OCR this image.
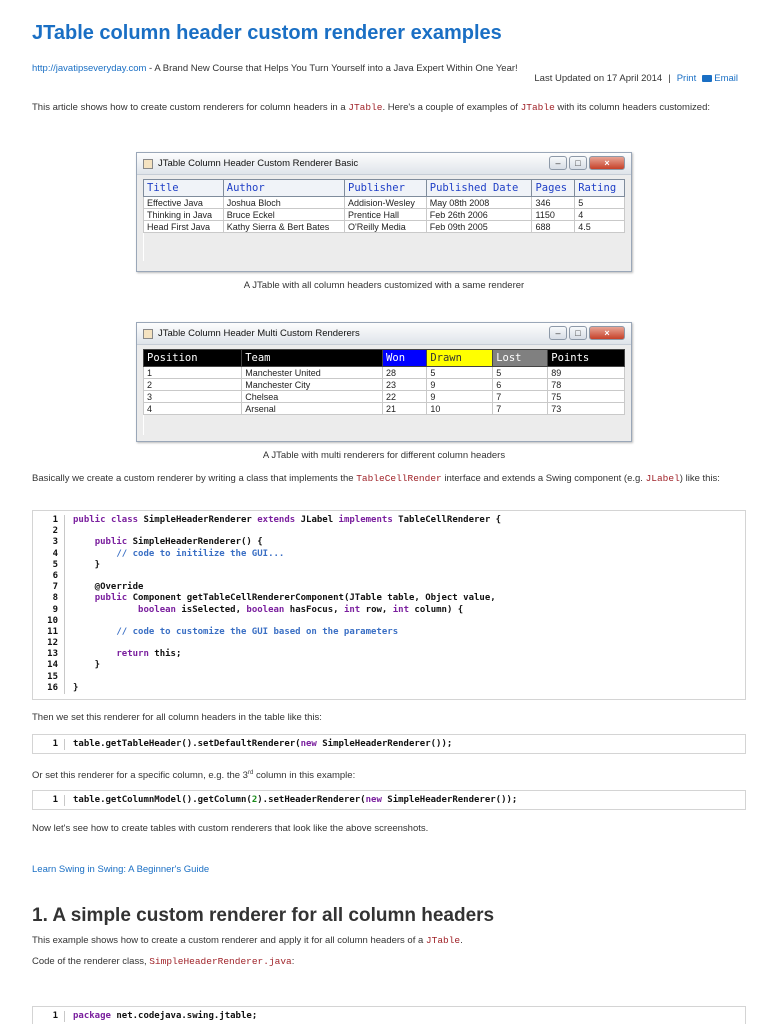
JTable column header custom renderer examples
http://javatipseveryday.com - A Brand New Course that Helps You Turn Yourself into a Java Expert Within One Year!
Last Updated on 17 April 2014 | Print	Email

This article shows how to create custom renderers for column headers in a JTable. Here's a couple of examples of JTable with its column headers customized:

JTable Column Header Custom Renderer Basic	–	□	×
Title	Author	Publisher	Published Date	Pages	Rating
Effective Java	Joshua Bloch	Addision-Wesley	May 08th 2008	346	5
Thinking in Java	Bruce Eckel	Prentice Hall	Feb 26th 2006	1150	4
Head First Java	Kathy Sierra & Bert Bates	O'Reilly Media	Feb 09th 2005	688	4.5

A JTable with all column headers customized with a same renderer
JTable Column Header Multi Custom Renderers	–	□	×
Position	Team	Won	Drawn	Lost	Points
1	Manchester United	28	5	5	89
2	Manchester City	23	9	6	78
3	Chelsea	22	9	7	75
4	Arsenal	21	10	7	73

A JTable with multi renderers for different column headers

Basically we create a custom renderer by writing a class that implements the TableCellRender interface and extends a Swing component (e.g. JLabel) like this:

1	public class SimpleHeaderRenderer extends JLabel implements TableCellRenderer {
2
3	public SimpleHeaderRenderer() {
4	// code to initilize the GUI...
5	}
6
7	@Override
8	public Component getTableCellRendererComponent(JTable table, Object value,
9	boolean isSelected, boolean hasFocus, int row, int column) {
10
11	// code to customize the GUI based on the parameters
12
13	return this;
14	}
15
16	}

Then we set this renderer for all column headers in the table like this:

1	table.getTableHeader().setDefaultRenderer(new SimpleHeaderRenderer());

Or set this renderer for a specific column, e.g. the 3rd column in this example:

1	table.getColumnModel().getColumn(2).setHeaderRenderer(new SimpleHeaderRenderer());

Now let's see how to create tables with custom renderers that look like the above screenshots.

Learn Swing in Swing: A Beginner's Guide
1. A simple custom renderer for all column headers

This example shows how to create a custom renderer and apply it for all column headers of a JTable.

Code of the renderer class, SimpleHeaderRenderer.java:

1	package net.codejava.swing.jtable;
